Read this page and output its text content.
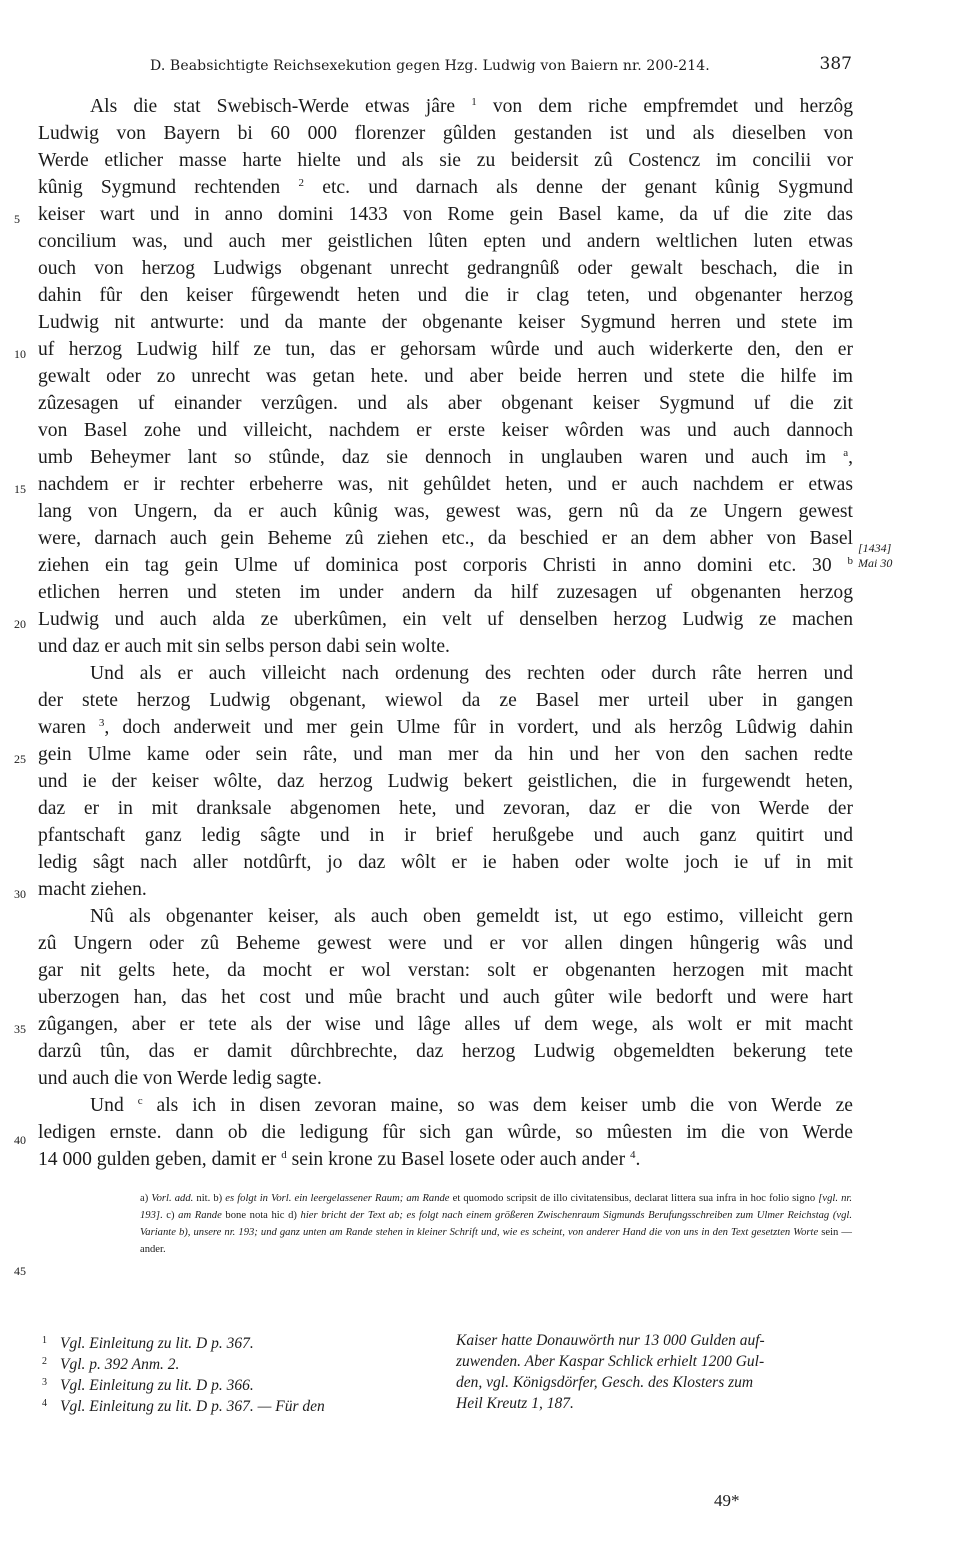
D. Beabsichtigte Reichsexekution gegen Hzg. Ludwig von Baiern nr. 200-214.	387
Als die stat Swebisch-Werde etwas jâre $^1$ von dem riche empfremdet und herzôg
Ludwig von Bayern bi 60 000 florenzer gûlden gestanden ist und als dieselben von
Werde etlicher masse harte hielte und als sie zu beidersit zû Costencz im concilii vor
kûnig Sygmund rechtenden $^2$ etc. und darnach als denne der genant kûnig Sygmund
keiser wart und in anno domini 1433 von Rome gein Basel kame, da uf die zite das
concilium was, und auch mer geistlichen lûten epten und andern weltlichen luten etwas
ouch von herzog Ludwigs obgenant unrecht gedrangnûß oder gewalt beschach, die in
dahin fûr den keiser fûrgewendt heten und die ir clag teten, und obgenanter herzog
Ludwig nit antwurte: und da mante der obgenante keiser Sygmund herren und stete im
uf herzog Ludwig hilf ze tun, das er gehorsam wûrde und auch widerkerte den, den er
gewalt oder zo unrecht was getan hete. und aber beide herren und stete die hilfe im
zûzesagen uf einander verzûgen. und als aber obgenant keiser Sygmund uf die zit
von Basel zohe und villeicht, nachdem er erste keiser wôrden was und auch dannoch
umb Beheymer lant so stûnde, daz sie dennoch in unglauben waren und auch im $^a$,
nachdem er ir rechter erbeherre was, nit gehûldet heten, und er auch nachdem er etwas
lang von Ungern, da er auch kûnig was, gewest was, gern nû da ze Ungern gewest
were, darnach auch gein Beheme zû ziehen etc., da beschied er an dem abher von Basel
ziehen ein tag gein Ulme uf dominica post corporis Christi in anno domini etc. 30 $^b$
etlichen herren und steten im under andern da hilf zuzesagen uf obgenanten herzog
Ludwig und auch alda ze uberkûmen, ein velt uf denselben herzog Ludwig ze machen
und daz er auch mit sin selbs person dabi sein wolte.
Und als er auch villeicht nach ordenung des rechten oder durch râte herren und
der stete herzog Ludwig obgenant, wiewol da ze Basel mer urteil uber in gangen
waren $^3$, doch anderweit und mer gein Ulme fûr in vordert, und als herzôg Lûdwig dahin
gein Ulme kame oder sein râte, und man mer da hin und her von den sachen redte
und ie der keiser wôlte, daz herzog Ludwig bekert geistlichen, die in furgewendt heten,
daz er in mit dranksale abgenomen hete, und zevoran, daz er die von Werde der
pfantschaft ganz ledig sâgte und in ir brief herußgebe und auch ganz quitirt und
ledig sâgt nach aller notdûrft, jo daz wôlt er ie haben oder wolte joch ie uf in mit
macht ziehen.
Nû als obgenanter keiser, als auch oben gemeldt ist, ut ego estimo, villeicht gern
zû Ungern oder zû Beheme gewest were und er vor allen dingen hûngerig wâs und
gar nit gelts hete, da mocht er wol verstan: solt er obgenanten herzogen mit macht
uberzogen han, das het cost und mûe bracht und auch gûter wile bedorft und were hart
zûgangen, aber er tete als der wise und lâge alles uf dem wege, als wolt er mit macht
darzû tûn, das er damit dûrchbrechte, daz herzog Ludwig obgemeldten bekerung tete
und auch die von Werde ledig sagte.
Und $^c$ als ich in disen zevoran maine, so was dem keiser umb die von Werde ze
ledigen ernste. dann ob die ledigung fûr sich gan wûrde, so mûesten im die von Werde
14 000 gulden geben, damit er $^d$ sein krone zu Basel losete oder auch ander $^4$.
5
10
15
20
25
30
35
40
45
[1434]
Mai 30
a) Vorl. add. nit. b) es folgt in Vorl. ein leergelassener Raum; am Rande et quomodo scripsit de illo civitatensibus, declarat littera sua infra in hoc folio signo [vgl. nr. 193]. c) am Rande bone nota hic d) hier bricht der Text ab; es folgt nach einem größeren Zwischenraum Sigmunds Berufungsschreiben zum Ulmer Reichstag (vgl. Variante b), unsere nr. 193; und ganz unten am Rande stehen in kleiner Schrift und, wie es scheint, von anderer Hand die von uns in den Text gesetzten Worte sein — ander.
1 Vgl. Einleitung zu lit. D p. 367.
2 Vgl. p. 392 Anm. 2.
3 Vgl. Einleitung zu lit. D p. 366.
4 Vgl. Einleitung zu lit. D p. 367. — Für den
Kaiser hatte Donauwörth nur 13 000 Gulden auf-
zuwenden. Aber Kaspar Schlick erhielt 1200 Gul-
den, vgl. Königsdörfer, Gesch. des Klosters zum
Heil Kreutz 1, 187.
49*
